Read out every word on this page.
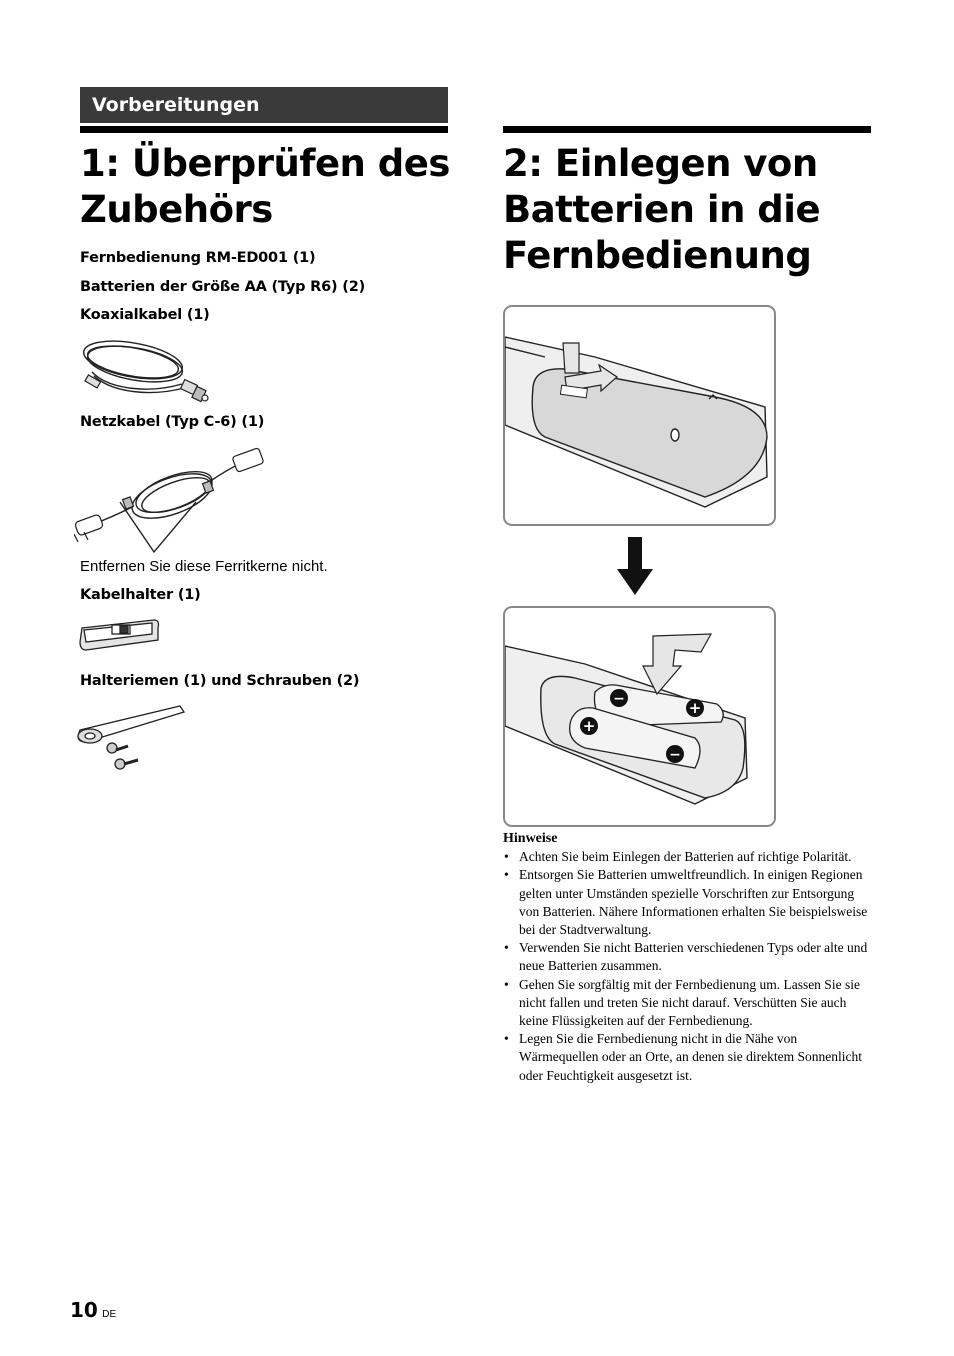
Vorbereitungen
1: Überprüfen des
Zubehörs
Fernbedienung RM-ED001 (1)
Batterien der Größe AA (Typ R6) (2)
Koaxialkabel (1)
Netzkabel (Typ C-6) (1)
Entfernen Sie diese Ferritkerne nicht.
Kabelhalter (1)
Halteriemen (1) und Schrauben (2)
2: Einlegen von
Batterien in die
Fernbedienung
−	+
+
−
Hinweise
• Achten Sie beim Einlegen der Batterien auf richtige Polarität.
• Entsorgen Sie Batterien umweltfreundlich. In einigen Regionen gelten unter Umständen spezielle Vorschriften zur Entsorgung von Batterien. Nähere Informationen erhalten Sie beispielsweise bei der Stadtverwaltung.
• Verwenden Sie nicht Batterien verschiedenen Typs oder alte und neue Batterien zusammen.
• Gehen Sie sorgfältig mit der Fernbedienung um. Lassen Sie sie nicht fallen und treten Sie nicht darauf. Verschütten Sie auch keine Flüssigkeiten auf der Fernbedienung.
• Legen Sie die Fernbedienung nicht in die Nähe von Wärmequellen oder an Orte, an denen sie direktem Sonnenlicht oder Feuchtigkeit ausgesetzt ist.
10 DE
